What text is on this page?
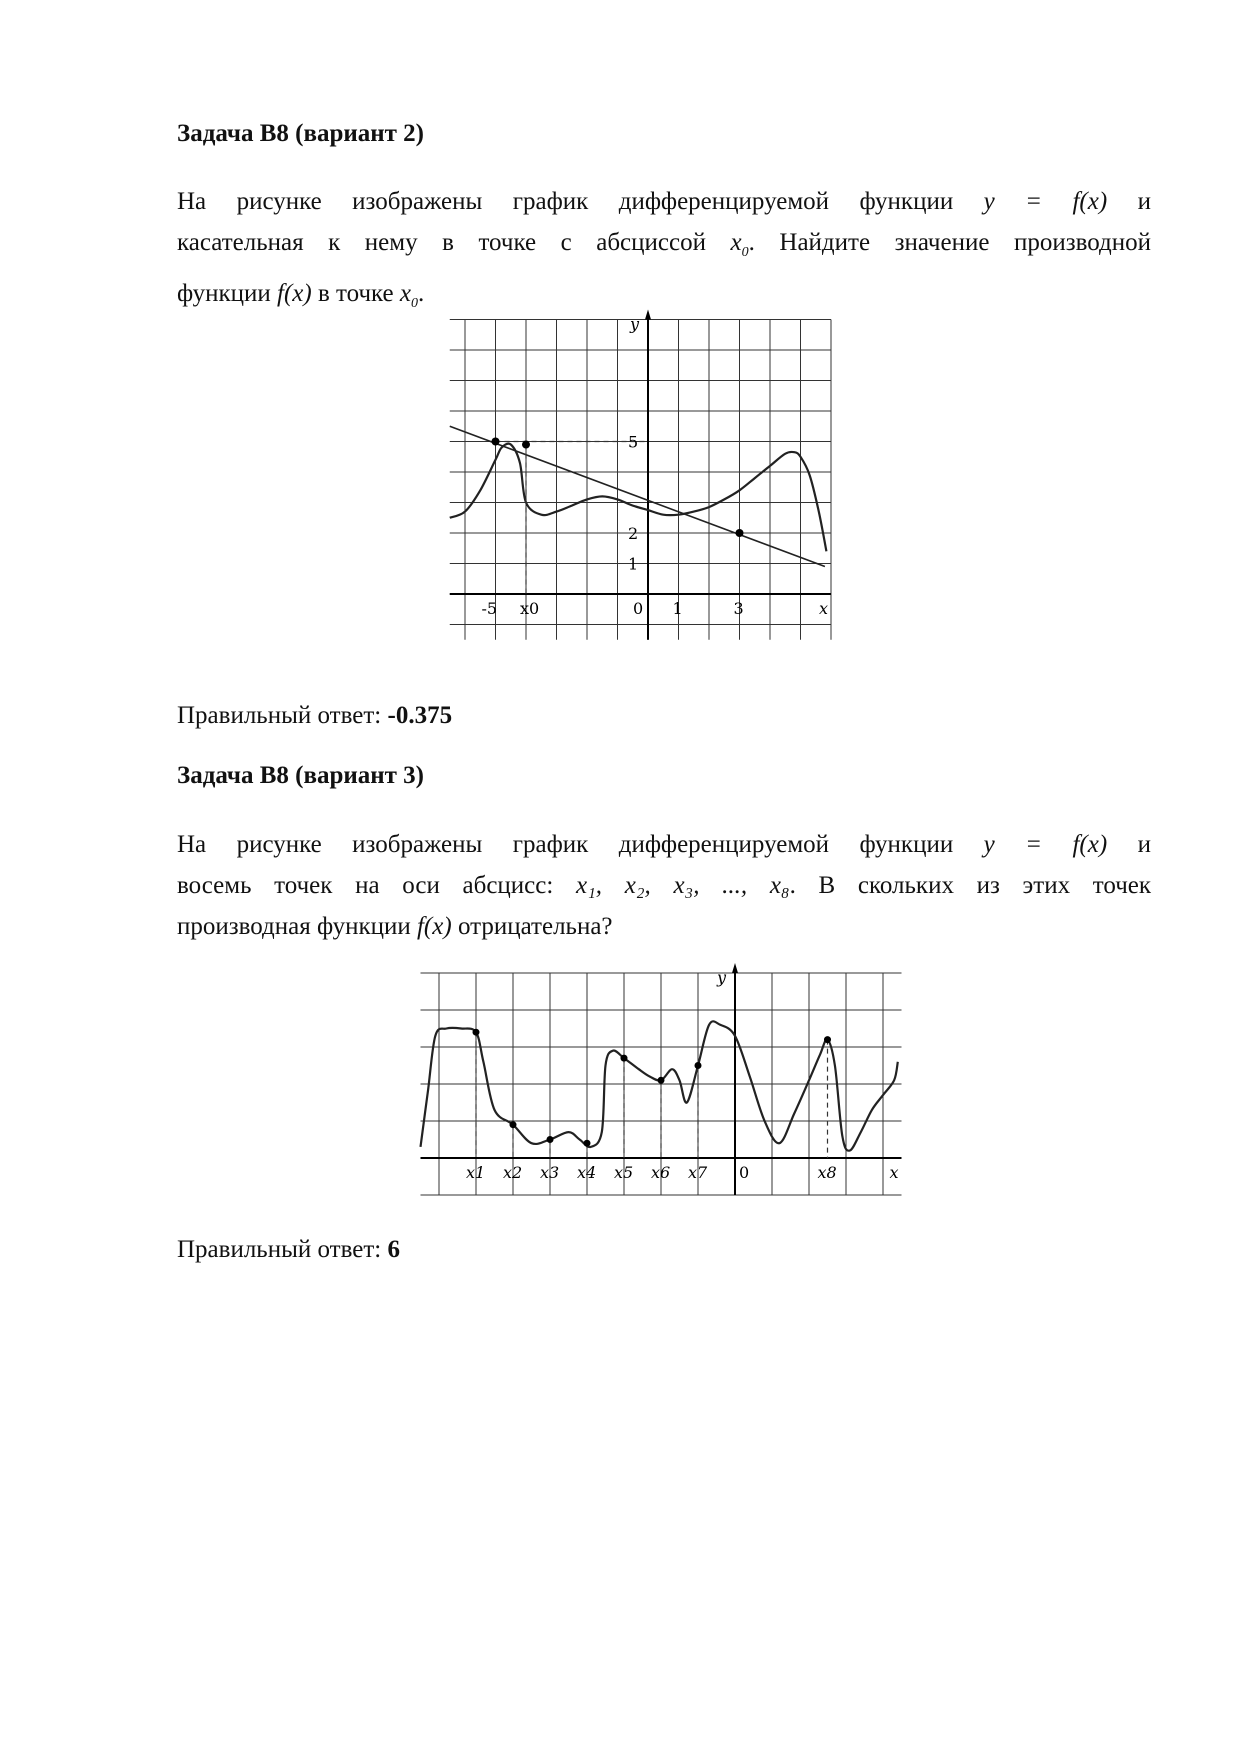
Задача B8 (вариант 2)
На рисунке изображены график дифференцируемой функции y = f(x) и
касательная к нему в точке с абсциссой $x_0$. Найдите значение производной
функции f(x) в точке $x_0$.
y
x
-5 x0	0 1	3
5
2
1
Правильный ответ: -0.375
Задача B8 (вариант 3)
На рисунке изображены график дифференцируемой функции y = f(x) и
восемь точек на оси абсцисс: x₁, x₂, x₃, ..., x₈. В скольких из этих точек
производная функции f(x) отрицательна?
y
x
x1 x2 x3 x4 x5 x6 x7 0	x8
Правильный ответ: 6
